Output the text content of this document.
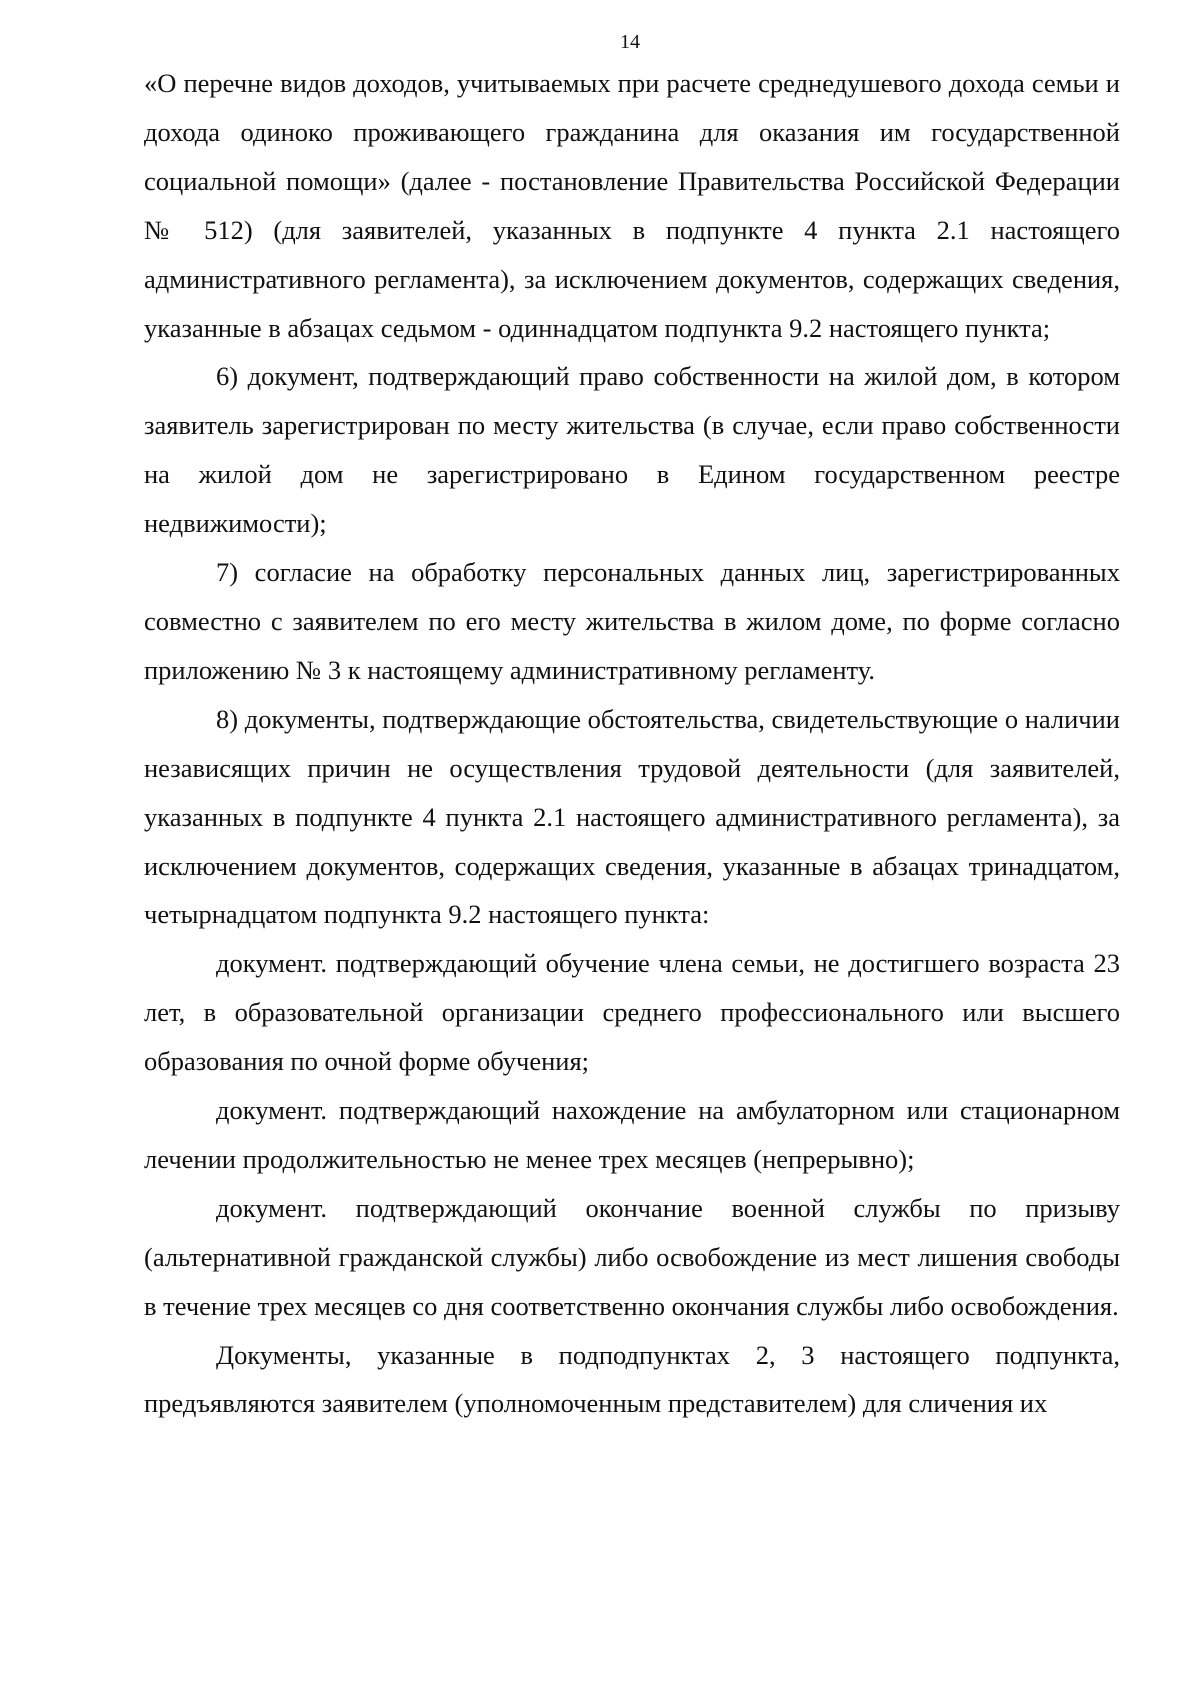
14

«О перечне видов доходов, учитываемых при расчете среднедушевого дохода семьи и дохода одиноко проживающего гражданина для оказания им государственной социальной помощи» (далее - постановление Правительства Российской Федерации № 512) (для заявителей, указанных в подпункте 4 пункта 2.1 настоящего административного регламента), за исключением документов, содержащих сведения, указанные в абзацах седьмом - одиннадцатом подпункта 9.2 настоящего пункта;

6) документ, подтверждающий право собственности на жилой дом, в котором заявитель зарегистрирован по месту жительства (в случае, если право собственности на жилой дом не зарегистрировано в Едином государственном реестре недвижимости);

7) согласие на обработку персональных данных лиц, зарегистрированных совместно с заявителем по его месту жительства в жилом доме, по форме согласно приложению № 3 к настоящему административному регламенту.

8) документы, подтверждающие обстоятельства, свидетельствующие о наличии независящих причин не осуществления трудовой деятельности (для заявителей, указанных в подпункте 4 пункта 2.1 настоящего административного регламента), за исключением документов, содержащих сведения, указанные в абзацах тринадцатом, четырнадцатом подпункта 9.2 настоящего пункта:

документ. подтверждающий обучение члена семьи, не достигшего возраста 23 лет, в образовательной организации среднего профессионального или высшего образования по очной форме обучения;

документ. подтверждающий нахождение на амбулаторном или стационарном лечении продолжительностью не менее трех месяцев (непрерывно);

документ. подтверждающий окончание военной службы по призыву (альтернативной гражданской службы) либо освобождение из мест лишения свободы в течение трех месяцев со дня соответственно окончания службы либо освобождения.

Документы, указанные в подподпунктах 2, 3 настоящего подпункта, предъявляются заявителем (уполномоченным представителем) для сличения их
